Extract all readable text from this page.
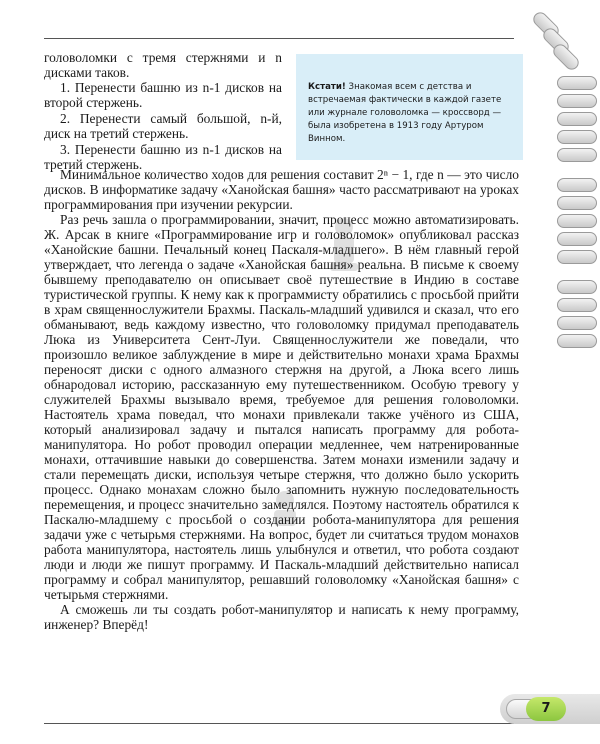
головоломки с тремя стержнями и n дисками таков.

1. Перенести башню из n-1 дисков на второй стержень.

2. Перенести самый большой, n-й, диск на третий стержень.

3. Перенести башню из n-1 дисков на третий стержень.

Кстати! Знакомая всем с детства и встречаемая фактически в каждой газете или журнале головоломка — кроссворд — была изобретена в 1913 году Артуром Винном.

Минимальное количество ходов для решения составит 2ⁿ − 1, где n — это число дисков. В информатике задачу «Ханойская башня» часто рассматривают на уроках программирования при изучении рекурсии.

Раз речь зашла о программировании, значит, процесс можно автоматизировать. Ж. Арсак в книге «Программирование игр и головоломок» опубликовал рассказ «Ханойские башни. Печальный конец Паскаля-младшего». В нём главный герой утверждает, что легенда о задаче «Ханойская башня» реальна. В письме к своему бывшему преподавателю он описывает своё путешествие в Индию в составе туристической группы. К нему как к программисту обратились с просьбой прийти в храм священнослужители Брахмы. Паскаль-младший удивился и сказал, что его обманывают, ведь каждому известно, что головоломку придумал преподаватель Люка из Университета Сент-Луи. Священнослужители же поведали, что произошло великое заблуждение в мире и действительно монахи храма Брахмы переносят диски с одного алмазного стержня на другой, а Люка всего лишь обнародовал историю, рассказанную ему путешественником. Особую тревогу у служителей Брахмы вызывало время, требуемое для решения головоломки. Настоятель храма поведал, что монахи привлекали также учёного из США, который анализировал задачу и пытался написать программу для робота-манипулятора. Но робот проводил операции медленнее, чем натренированные монахи, оттачившие навыки до совершенства. Затем монахи изменили задачу и стали перемещать диски, используя четыре стержня, что должно было ускорить процесс. Однако монахам сложно было запомнить нужную последовательность перемещения, и процесс значительно замедлялся. Поэтому настоятель обратился к Паскалю-младшему с просьбой о создании робота-манипулятора для решения задачи уже с четырьмя стержнями. На вопрос, будет ли считаться трудом монахов работа манипулятора, настоятель лишь улыбнулся и ответил, что робота создают люди и люди же пишут программу. И Паскаль-младший действительно написал программу и собрал манипулятор, решавший головоломку «Ханойская башня» с четырьмя стержнями.

А сможешь ли ты создать робот-манипулятор и написать к нему программу, инженер? Вперёд!

7
